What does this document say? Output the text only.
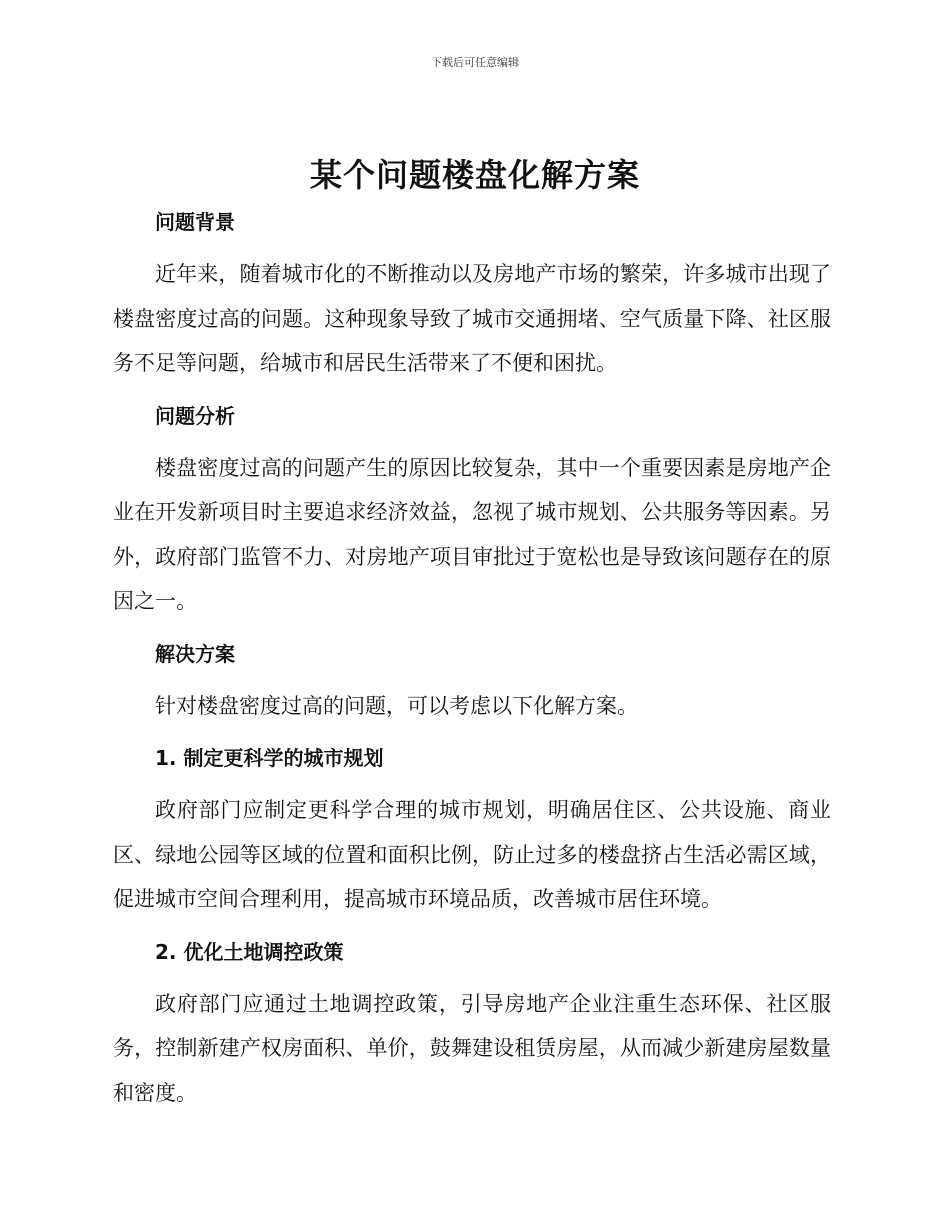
下载后可任意编辑
某个问题楼盘化解方案
问题背景

近年来，随着城市化的不断推动以及房地产市场的繁荣，许多城市出现了楼盘密度过高的问题。这种现象导致了城市交通拥堵、空气质量下降、社区服务不足等问题，给城市和居民生活带来了不便和困扰。

问题分析

楼盘密度过高的问题产生的原因比较复杂，其中一个重要因素是房地产企业在开发新项目时主要追求经济效益，忽视了城市规划、公共服务等因素。另外，政府部门监管不力、对房地产项目审批过于宽松也是导致该问题存在的原因之一。

解决方案

针对楼盘密度过高的问题，可以考虑以下化解方案。

1. 制定更科学的城市规划

政府部门应制定更科学合理的城市规划，明确居住区、公共设施、商业区、绿地公园等区域的位置和面积比例，防止过多的楼盘挤占生活必需区域，促进城市空间合理利用，提高城市环境品质，改善城市居住环境。

2. 优化土地调控政策

政府部门应通过土地调控政策，引导房地产企业注重生态环保、社区服务，控制新建产权房面积、单价，鼓舞建设租赁房屋，从而减少新建房屋数量和密度。
